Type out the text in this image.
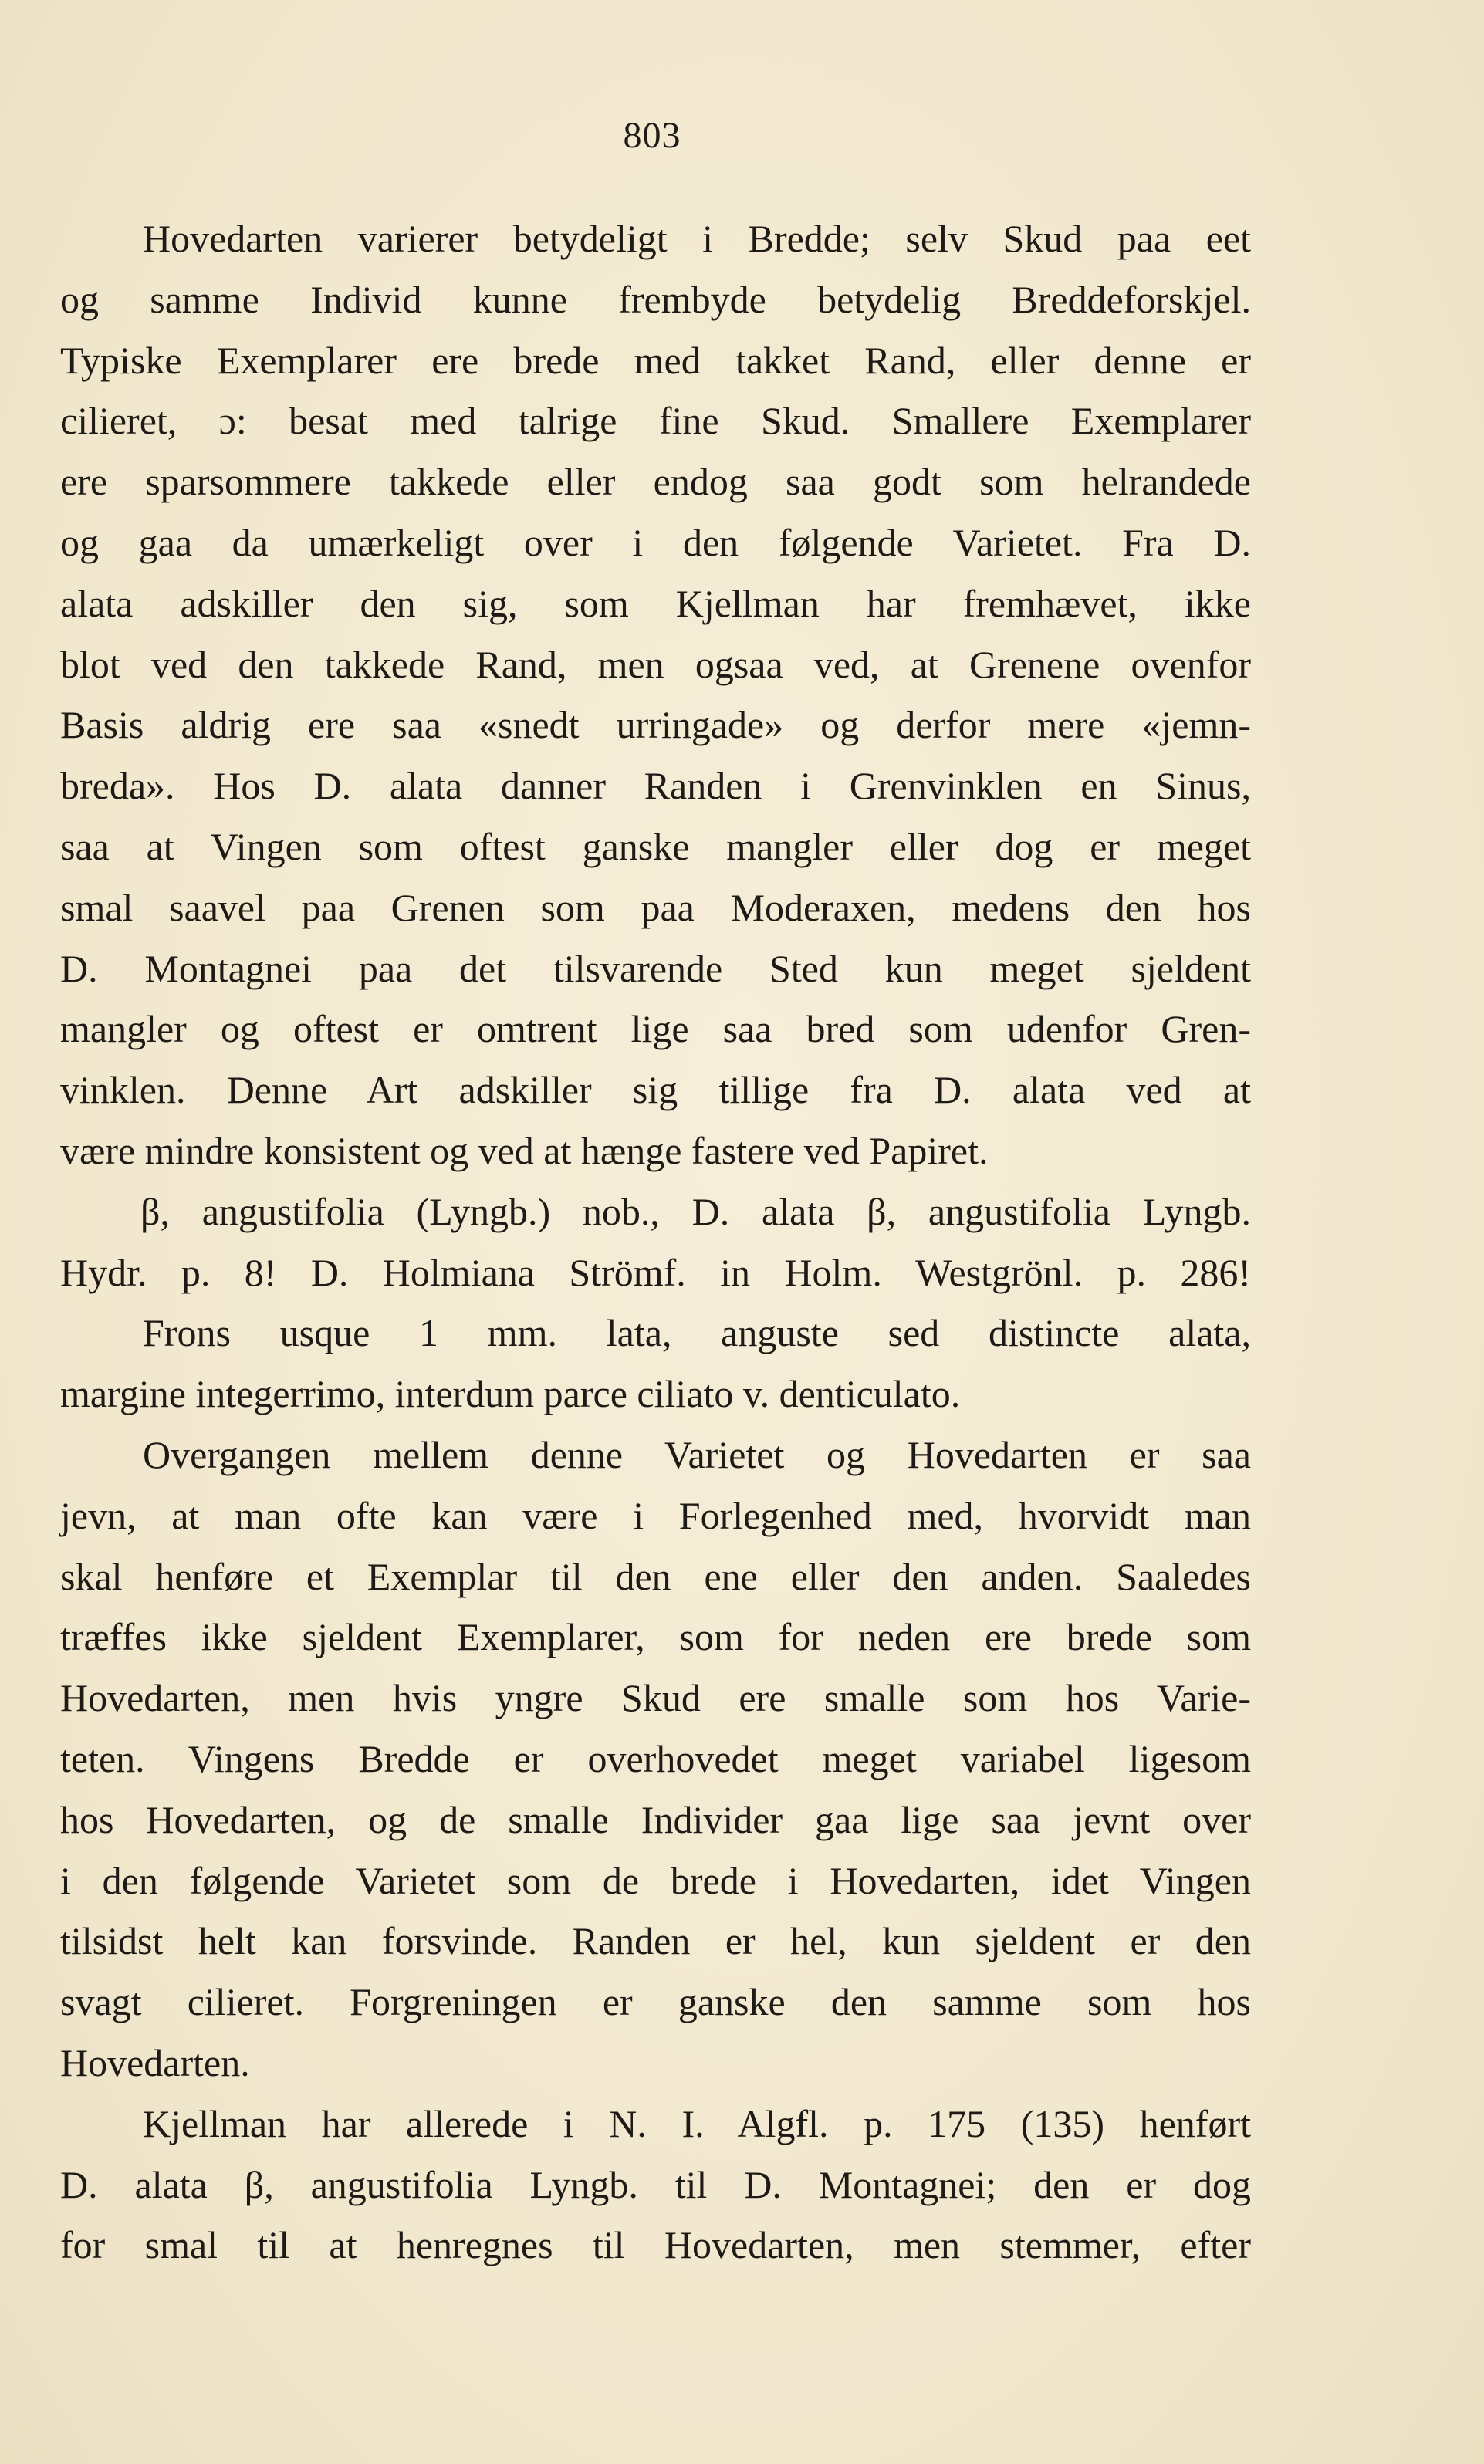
803
Hovedarten varierer betydeligt i Bredde; selv Skud paa eet
og samme Individ kunne frembyde betydelig Breddeforskjel.
Typiske Exemplarer ere brede med takket Rand, eller denne er
cilieret, ɔ: besat med talrige fine Skud. Smallere Exemplarer
ere sparsommere takkede eller endog saa godt som helrandede
og gaa da umærkeligt over i den følgende Varietet. Fra D.
alata adskiller den sig, som Kjellman har fremhævet, ikke
blot ved den takkede Rand, men ogsaa ved, at Grenene ovenfor
Basis aldrig ere saa «snedt urringade» og derfor mere «jemn-
breda». Hos D. alata danner Randen i Grenvinklen en Sinus,
saa at Vingen som oftest ganske mangler eller dog er meget
smal saavel paa Grenen som paa Moderaxen, medens den hos
D. Montagnei paa det tilsvarende Sted kun meget sjeldent
mangler og oftest er omtrent lige saa bred som udenfor Gren-
vinklen. Denne Art adskiller sig tillige fra D. alata ved at
være mindre konsistent og ved at hænge fastere ved Papiret.
β, angustifolia (Lyngb.) nob., D. alata β, angustifolia Lyngb.
Hydr. p. 8! D. Holmiana Strömf. in Holm. Westgrönl. p. 286!
Frons usque 1 mm. lata, anguste sed distincte alata,
margine integerrimo, interdum parce ciliato v. denticulato.
Overgangen mellem denne Varietet og Hovedarten er saa
jevn, at man ofte kan være i Forlegenhed med, hvorvidt man
skal henføre et Exemplar til den ene eller den anden. Saaledes
træffes ikke sjeldent Exemplarer, som for neden ere brede som
Hovedarten, men hvis yngre Skud ere smalle som hos Varie-
teten. Vingens Bredde er overhovedet meget variabel ligesom
hos Hovedarten, og de smalle Individer gaa lige saa jevnt over
i den følgende Varietet som de brede i Hovedarten, idet Vingen
tilsidst helt kan forsvinde. Randen er hel, kun sjeldent er den
svagt cilieret. Forgreningen er ganske den samme som hos
Hovedarten.
Kjellman har allerede i N. I. Algfl. p. 175 (135) henført
D. alata β, angustifolia Lyngb. til D. Montagnei; den er dog
for smal til at henregnes til Hovedarten, men stemmer, efter
